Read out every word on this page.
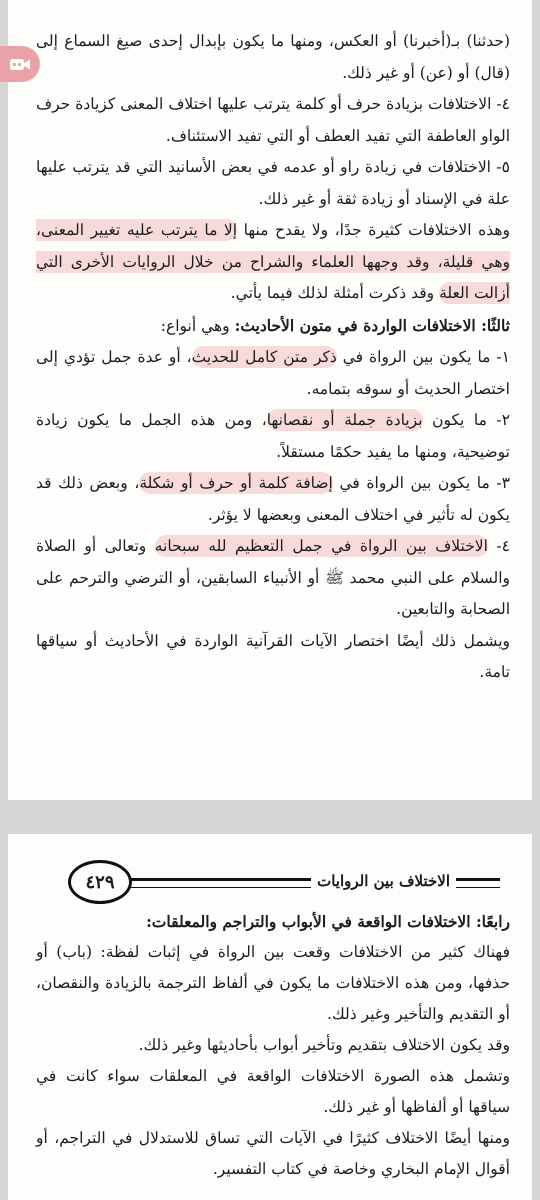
(حدثنا) بـ(أخبرنا) أو العكس، ومنها ما يكون بإبدال إحدى صيغ السماع إلى (قال) أو (عن) أو غير ذلك.

٤- الاختلافات بزيادة حرف أو كلمة يترتب عليها اختلاف المعنى كزيادة حرف الواو العاطفة التي تفيد العطف أو التي تفيد الاستئناف.

٥- الاختلافات في زيادة راو أو عدمه في بعض الأسانيد التي قد يترتب عليها علة في الإسناد أو زيادة ثقة أو غير ذلك.

وهذه الاختلافات كثيرة جدًا، ولا يقدح منها إلا ما يترتب عليه تغيير المعنى، وهي قليلة، وقد وجهها العلماء والشراح من خلال الروايات الأخرى التي أزالت العلة وقد ذكرت أمثلة لذلك فيما يأتي.

ثالثًا: الاختلافات الواردة في متون الأحاديث: وهي أنواع:

١- ما يكون بين الرواة في ذكر متن كامل للحديث، أو عدة جمل تؤدي إلى اختصار الحديث أو سوقه بتمامه.

٢- ما يكون بزيادة جملة أو نقصانها، ومن هذه الجمل ما يكون زيادة توضيحية، ومنها ما يفيد حكمًا مستقلاً.

٣- ما يكون بين الرواة في إضافة كلمة أو حرف أو شكلة، وبعض ذلك قد يكون له تأثير في اختلاف المعنى وبعضها لا يؤثر.

٤- الاختلاف بين الرواة في جمل التعظيم لله سبحانه وتعالى أو الصلاة والسلام على النبي محمد ﷺ أو الأنبياء السابقين، أو الترضي والترحم على الصحابة والتابعين.

ويشمل ذلك أيضًا اختصار الآيات القرآنية الواردة في الأحاديث أو سياقها تامة.

الاختلاف بين الروايات
٤٢٩

رابعًا: الاختلافات الواقعة في الأبواب والتراجم والمعلقات:

فهناك كثير من الاختلافات وقعت بين الرواة في إثبات لفظة: (باب) أو حذفها، ومن هذه الاختلافات ما يكون في ألفاظ الترجمة بالزيادة والنقصان، أو التقديم والتأخير وغير ذلك.

وقد يكون الاختلاف بتقديم وتأخير أبواب بأحاديثها وغير ذلك.

وتشمل هذه الصورة الاختلافات الواقعة في المعلقات سواء كانت في سياقها أو ألفاظها أو غير ذلك.

ومنها أيضًا الاختلاف كثيرًا في الآيات التي تساق للاستدلال في التراجم، أو أقوال الإمام البخاري وخاصة في كتاب التفسير.
